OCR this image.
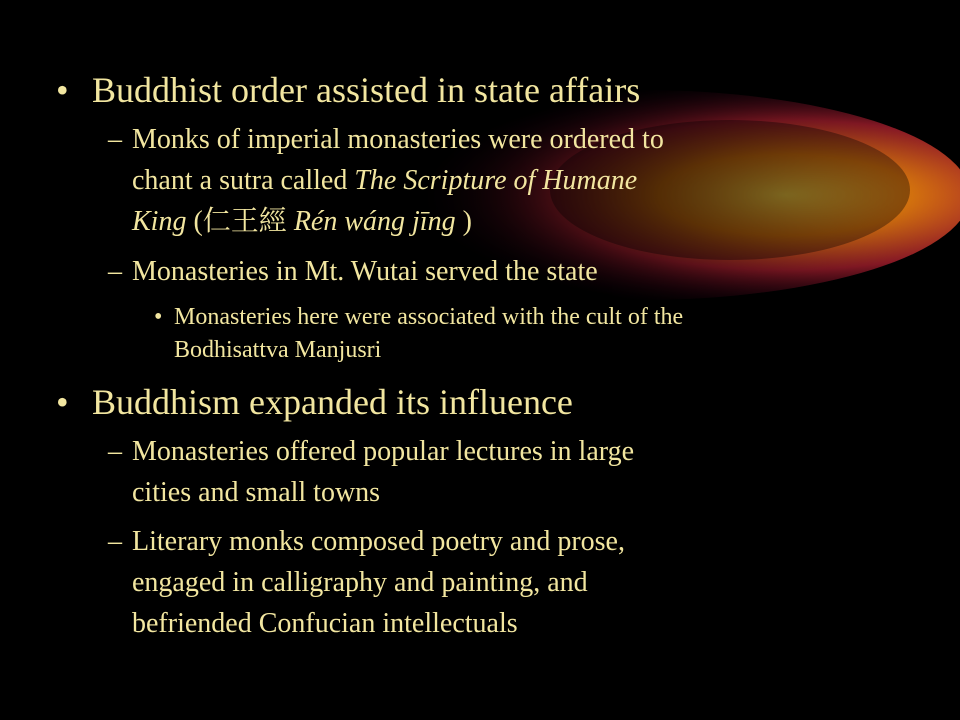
• Buddhist order assisted in state affairs

– Monks of imperial monasteries were ordered to

chant a sutra called The Scripture of Humane

King (仁王經 Rén wáng jīng )

– Monasteries in Mt. Wutai served the state

• Monasteries here were associated with the cult of the

Bodhisattva Manjusri

• Buddhism expanded its influence

– Monasteries offered popular lectures in large

cities and small towns

– Literary monks composed poetry and prose,

engaged in calligraphy and painting, and

befriended Confucian intellectuals
